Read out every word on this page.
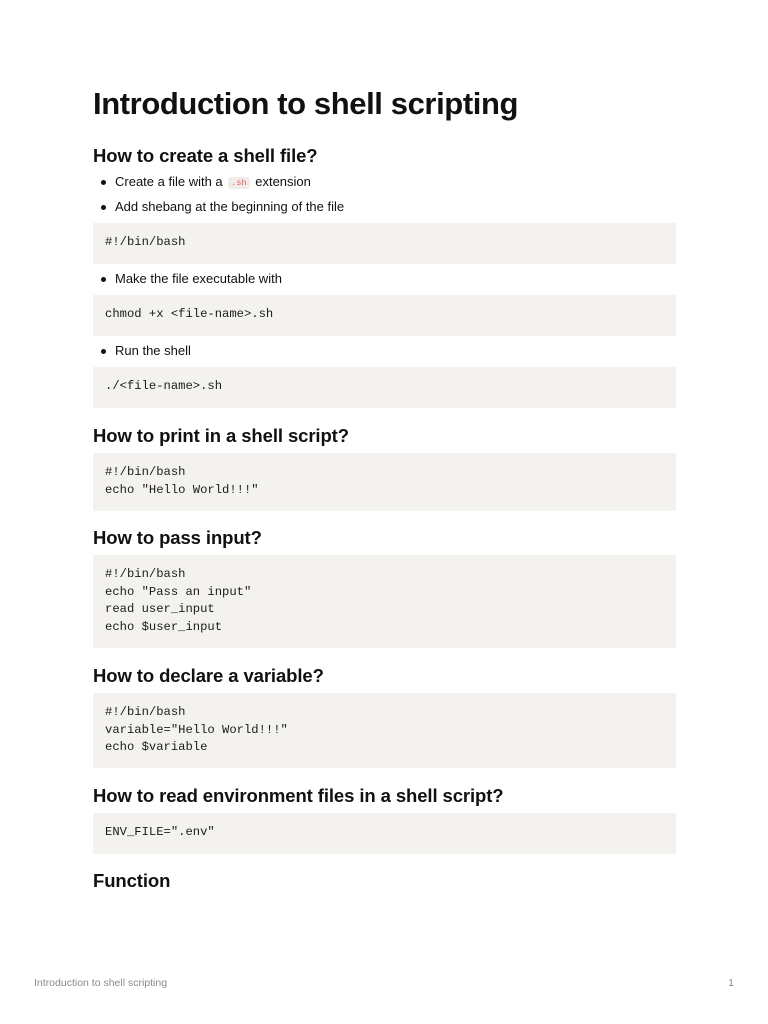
Introduction to shell scripting
How to create a shell file?
Create a file with a .sh extension
Add shebang at the beginning of the file
#!/bin/bash
Make the file executable with
chmod +x <file-name>.sh
Run the shell
./<file-name>.sh
How to print in a shell script?
#!/bin/bash
echo "Hello World!!!"
How to pass input?
#!/bin/bash
echo "Pass an input"
read user_input
echo $user_input
How to declare a variable?
#!/bin/bash
variable="Hello World!!!"
echo $variable
How to read environment files in a shell script?
ENV_FILE=".env"
Function
Introduction to shell scripting	1
